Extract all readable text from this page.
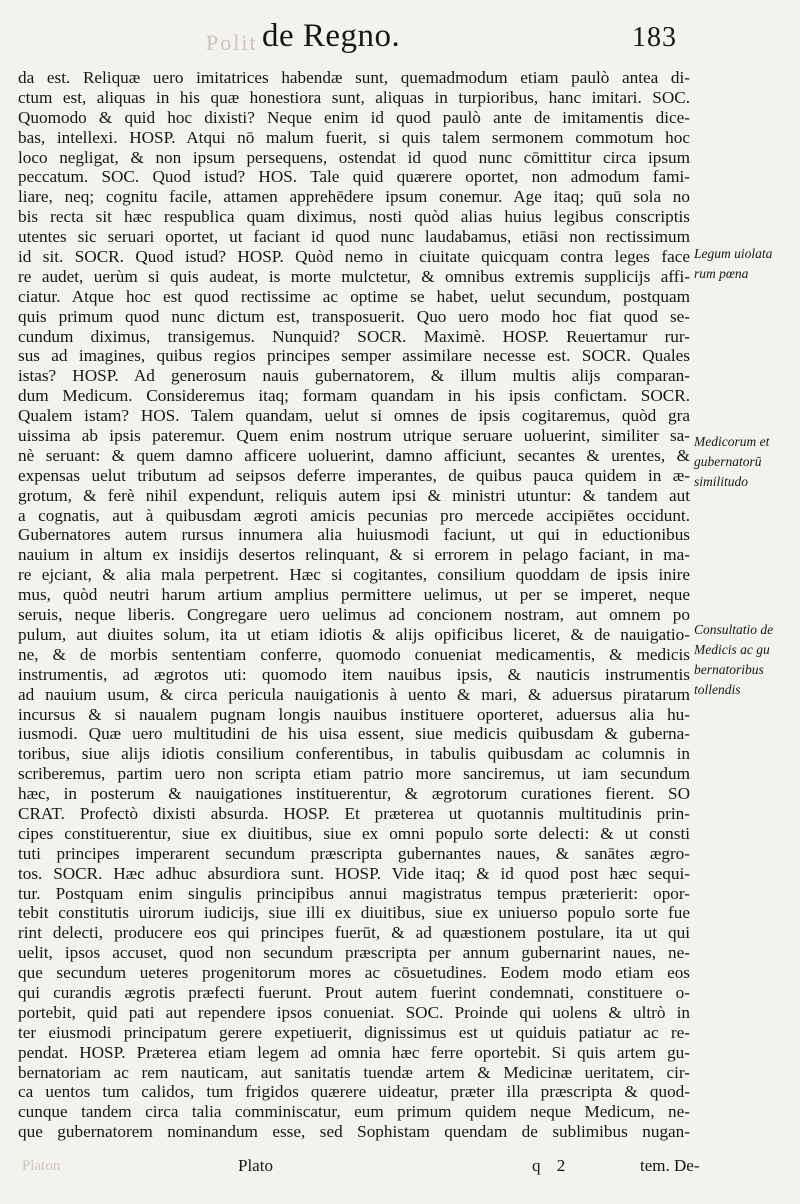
Polit de Regno.	183
da est. Reliquæ uero imitatrices habendæ sunt, quemadmodum etiam paulò antea di-
ctum est, aliquas in his quæ honestiora sunt, aliquas in turpioribus, hanc imitari. SOC.
Quomodo & quid hoc dixisti? Neque enim id quod paulò ante de imitamentis dice-
bas, intellexi. HOSP. Atqui nō malum fuerit, si quis talem sermonem commotum hoc
loco negligat, & non ipsum persequens, ostendat id quod nunc cōmittitur circa ipsum
peccatum. SOC. Quod istud? HOS. Tale quid quærere oportet, non admodum fami-
liare, neq; cognitu facile, attamen apprehēdere ipsum conemur. Age itaq; quū sola no
bis recta sit hæc respublica quam diximus, nosti quòd alias huius legibus conscriptis
utentes sic seruari oportet, ut faciant id quod nunc laudabamus, etiāsi non rectissimum
id sit. SOCR. Quod istud? HOSP. Quòd nemo in ciuitate quicquam contra leges face
re audet, uerùm si quis audeat, is morte mulctetur, & omnibus extremis supplicijs affi-
ciatur. Atque hoc est quod rectissime ac optime se habet, uelut secundum, postquam
quis primum quod nunc dictum est, transposuerit. Quo uero modo hoc fiat quod se-
cundum diximus, transigemus. Nunquid? SOCR. Maximè. HOSP. Reuertamur rur-
sus ad imagines, quibus regios principes semper assimilare necesse est. SOCR. Quales
istas? HOSP. Ad generosum nauis gubernatorem, & illum multis alijs comparan-
dum Medicum. Consideremus itaq; formam quandam in his ipsis confictam. SOCR.
Qualem istam? HOS. Talem quandam, uelut si omnes de ipsis cogitaremus, quòd gra
uissima ab ipsis pateremur. Quem enim nostrum utrique seruare uoluerint, similiter sa-
nè seruant: & quem damno afficere uoluerint, damno afficiunt, secantes & urentes, &
expensas uelut tributum ad seipsos deferre imperantes, de quibus pauca quidem in æ-
grotum, & ferè nihil expendunt, reliquis autem ipsi & ministri utuntur: & tandem aut
a cognatis, aut à quibusdam ægroti amicis pecunias pro mercede accipiētes occidunt.
Gubernatores autem rursus innumera alia huiusmodi faciunt, ut qui in eductionibus
nauium in altum ex insidijs desertos relinquant, & si errorem in pelago faciant, in ma-
re ejciant, & alia mala perpetrent. Hæc si cogitantes, consilium quoddam de ipsis inire
mus, quòd neutri harum artium amplius permittere uelimus, ut per se imperet, neque
seruis, neque liberis. Congregare uero uelimus ad concionem nostram, aut omnem po
pulum, aut diuites solum, ita ut etiam idiotis & alijs opificibus liceret, & de nauigatio-
ne, & de morbis sententiam conferre, quomodo conueniat medicamentis, & medicis
instrumentis, ad ægrotos uti: quomodo item nauibus ipsis, & nauticis instrumentis
ad nauium usum, & circa pericula nauigationis à uento & mari, & aduersus piratarum
incursus & si naualem pugnam longis nauibus instituere oporteret, aduersus alia hu-
iusmodi. Quæ uero multitudini de his uisa essent, siue medicis quibusdam & guberna-
toribus, siue alijs idiotis consilium conferentibus, in tabulis quibusdam ac columnis in
scriberemus, partim uero non scripta etiam patrio more sanciremus, ut iam secundum
hæc, in posterum & nauigationes instituerentur, & ægrotorum curationes fierent. SO
CRAT. Profectò dixisti absurda. HOSP. Et præterea ut quotannis multitudinis prin-
cipes constituerentur, siue ex diuitibus, siue ex omni populo sorte delecti: & ut consti
tuti principes imperarent secundum præscripta gubernantes naues, & sanātes ægro-
tos. SOCR. Hæc adhuc absurdiora sunt. HOSP. Vide itaq; & id quod post hæc sequi-
tur. Postquam enim singulis principibus annui magistratus tempus præterierit: opor-
tebit constitutis uirorum iudicijs, siue illi ex diuitibus, siue ex uniuerso populo sorte fue
rint delecti, producere eos qui principes fuerūt, & ad quæstionem postulare, ita ut qui
uelit, ipsos accuset, quod non secundum præscripta per annum gubernarint naues, ne-
que secundum ueteres progenitorum mores ac cōsuetudines. Eodem modo etiam eos
qui curandis ægrotis præfecti fuerunt. Prout autem fuerint condemnati, constituere o-
portebit, quid pati aut rependere ipsos conueniat. SOC. Proinde qui uolens & ultrò in
ter eiusmodi principatum gerere expetiuerit, dignissimus est ut quiduis patiatur ac re-
pendat. HOSP. Præterea etiam legem ad omnia hæc ferre oportebit. Si quis artem gu-
bernatoriam ac rem nauticam, aut sanitatis tuendæ artem & Medicinæ ueritatem, cir-
ca uentos tum calidos, tum frigidos quærere uideatur, præter illa præscripta & quod-
cunque tandem circa talia comminiscatur, eum primum quidem neque Medicum, ne-
que gubernatorem nominandum esse, sed Sophistam quendam de sublimibus nugan-
Legum uiolata
rum pœna
Medicorum et
gubernatorū
similitudo
Consultatio de
Medicis ac gu
bernatoribus
tollendis
Platon	Plato	q 2	tem. De-
